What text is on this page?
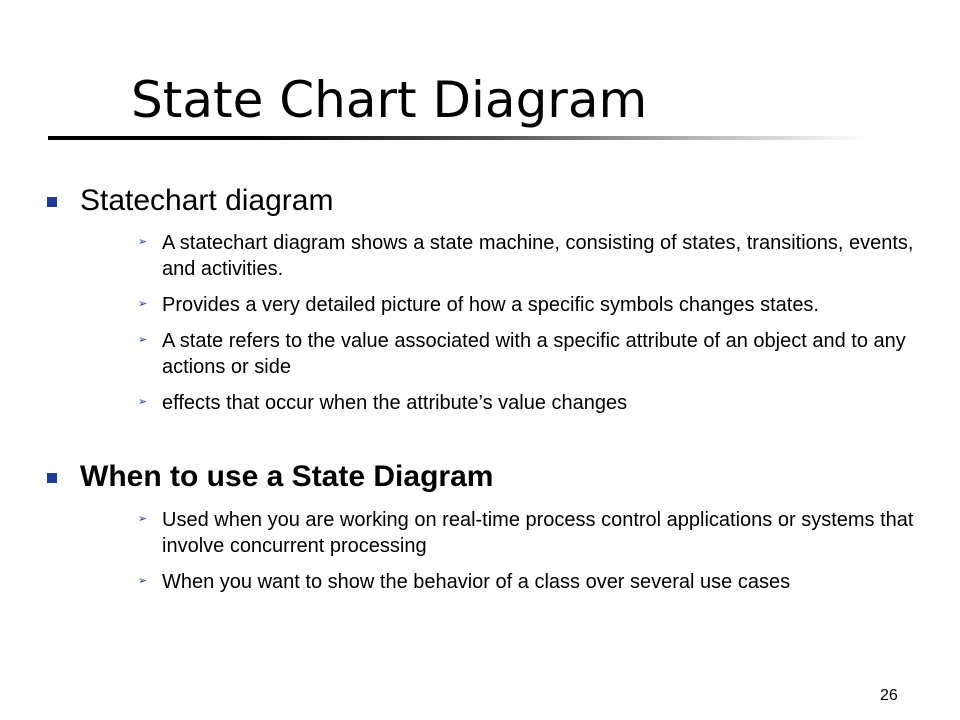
State Chart Diagram
Statechart diagram
➢ A statechart diagram shows a state machine, consisting of states, transitions, events, and activities.
➢ Provides a very detailed picture of how a specific symbols changes states.
➢ A state refers to the value associated with a specific attribute of an object and to any actions or side
➢ effects that occur when the attribute’s value changes
When to use a State Diagram
➢ Used when you are working on real-time process control applications or systems that involve concurrent processing
➢ When you want to show the behavior of a class over several use cases
26
